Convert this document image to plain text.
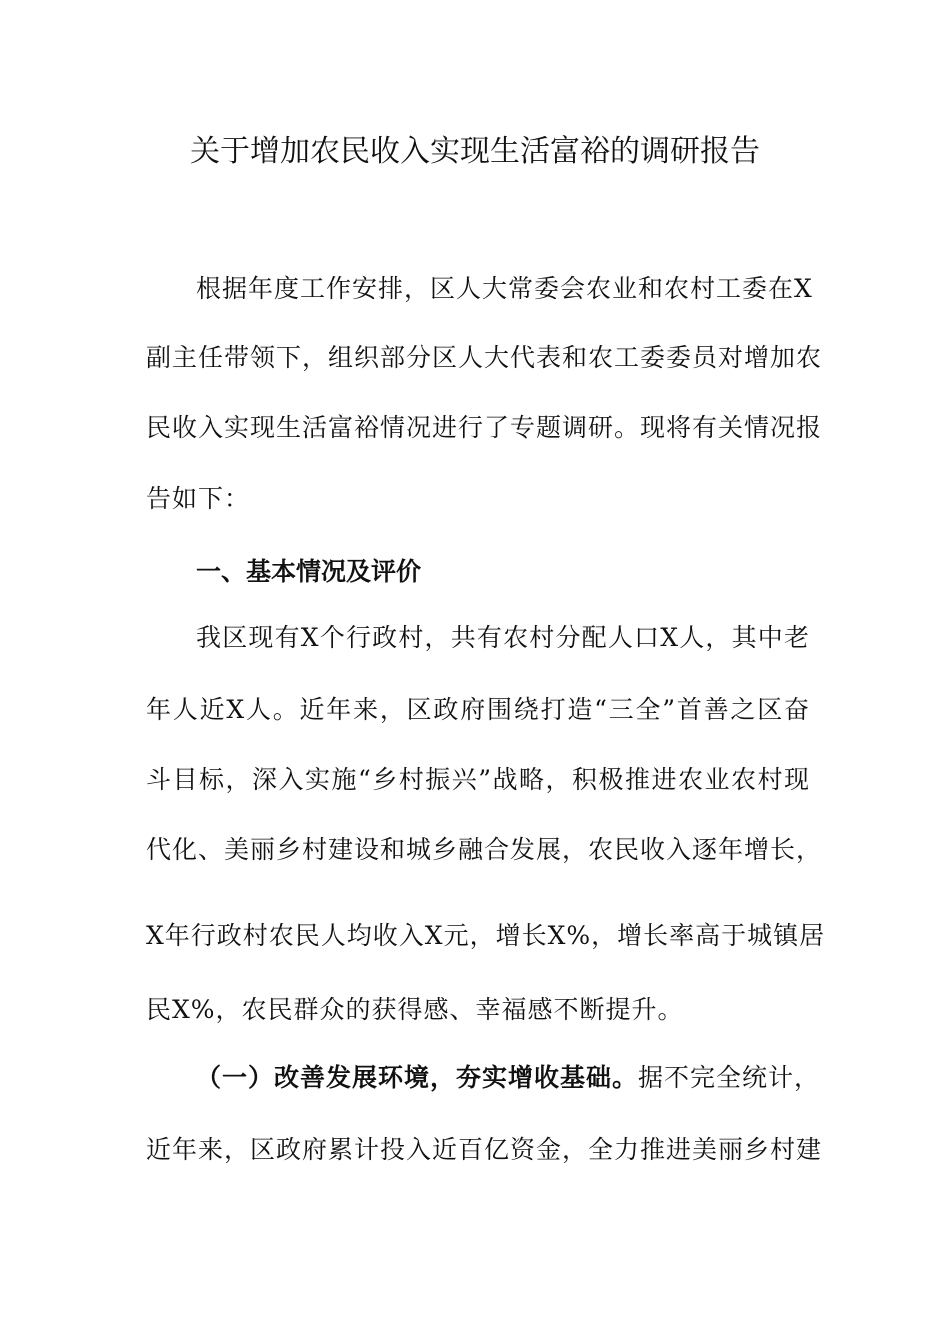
关于增加农民收入实现生活富裕的调研报告
根据年度工作安排，区人大常委会农业和农村工委在X
副主任带领下，组织部分区人大代表和农工委委员对增加农
民收入实现生活富裕情况进行了专题调研。现将有关情况报
告如下：
一、基本情况及评价
我区现有X个行政村，共有农村分配人口X人，其中老
年人近X人。近年来，区政府围绕打造“三全”首善之区奋
斗目标，深入实施“乡村振兴”战略，积极推进农业农村现
代化、美丽乡村建设和城乡融合发展，农民收入逐年增长，
X年行政村农民人均收入X元，增长X%，增长率高于城镇居
民X%，农民群众的获得感、幸福感不断提升。
（一）改善发展环境，夯实增收基础。据不完全统计，
近年来，区政府累计投入近百亿资金，全力推进美丽乡村建
